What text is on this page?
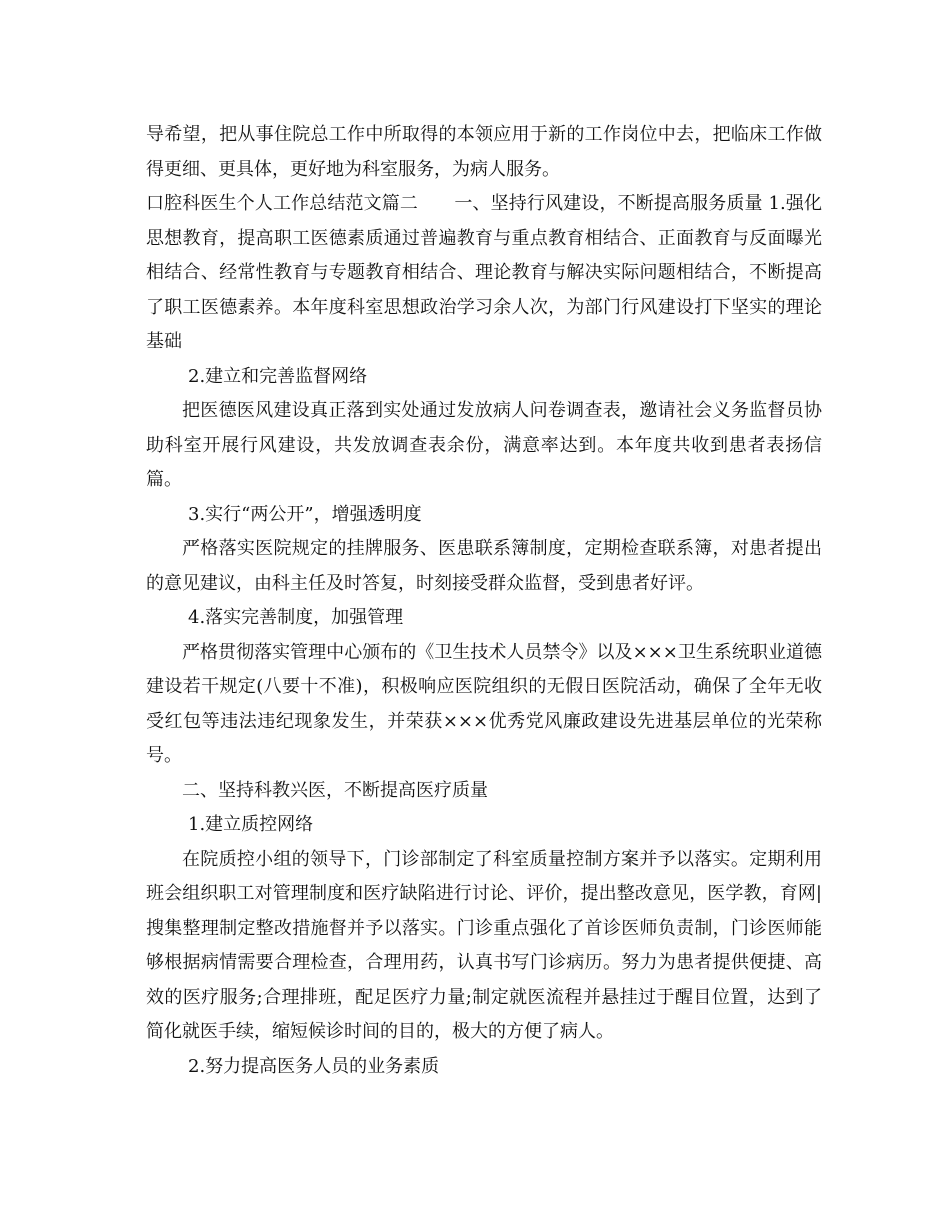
导希望，把从事住院总工作中所取得的本领应用于新的工作岗位中去，把临床工作做得更细、更具体，更好地为科室服务，为病人服务。

口腔科医生个人工作总结范文篇二　　一、坚持行风建设，不断提高服务质量 1.强化思想教育，提高职工医德素质通过普遍教育与重点教育相结合、正面教育与反面曝光相结合、经常性教育与专题教育相结合、理论教育与解决实际问题相结合，不断提高了职工医德素养。本年度科室思想政治学习余人次，为部门行风建设打下坚实的理论基础

2.建立和完善监督网络

把医德医风建设真正落到实处通过发放病人问卷调查表，邀请社会义务监督员协助科室开展行风建设，共发放调查表余份，满意率达到。本年度共收到患者表扬信篇。

3.实行“两公开”，增强透明度

严格落实医院规定的挂牌服务、医患联系簿制度，定期检查联系簿，对患者提出的意见建议，由科主任及时答复，时刻接受群众监督，受到患者好评。

4.落实完善制度，加强管理

严格贯彻落实管理中心颁布的《卫生技术人员禁令》以及×××卫生系统职业道德建设若干规定(八要十不准)，积极响应医院组织的无假日医院活动，确保了全年无收受红包等违法违纪现象发生，并荣获×××优秀党风廉政建设先进基层单位的光荣称号。

二、坚持科教兴医，不断提高医疗质量

1.建立质控网络

在院质控小组的领导下，门诊部制定了科室质量控制方案并予以落实。定期利用班会组织职工对管理制度和医疗缺陷进行讨论、评价，提出整改意见，医学教，育网|搜集整理制定整改措施督并予以落实。门诊重点强化了首诊医师负责制，门诊医师能够根据病情需要合理检查，合理用药，认真书写门诊病历。努力为患者提供便捷、高效的医疗服务;合理排班，配足医疗力量;制定就医流程并悬挂过于醒目位置，达到了简化就医手续，缩短候诊时间的目的，极大的方便了病人。

2.努力提高医务人员的业务素质
